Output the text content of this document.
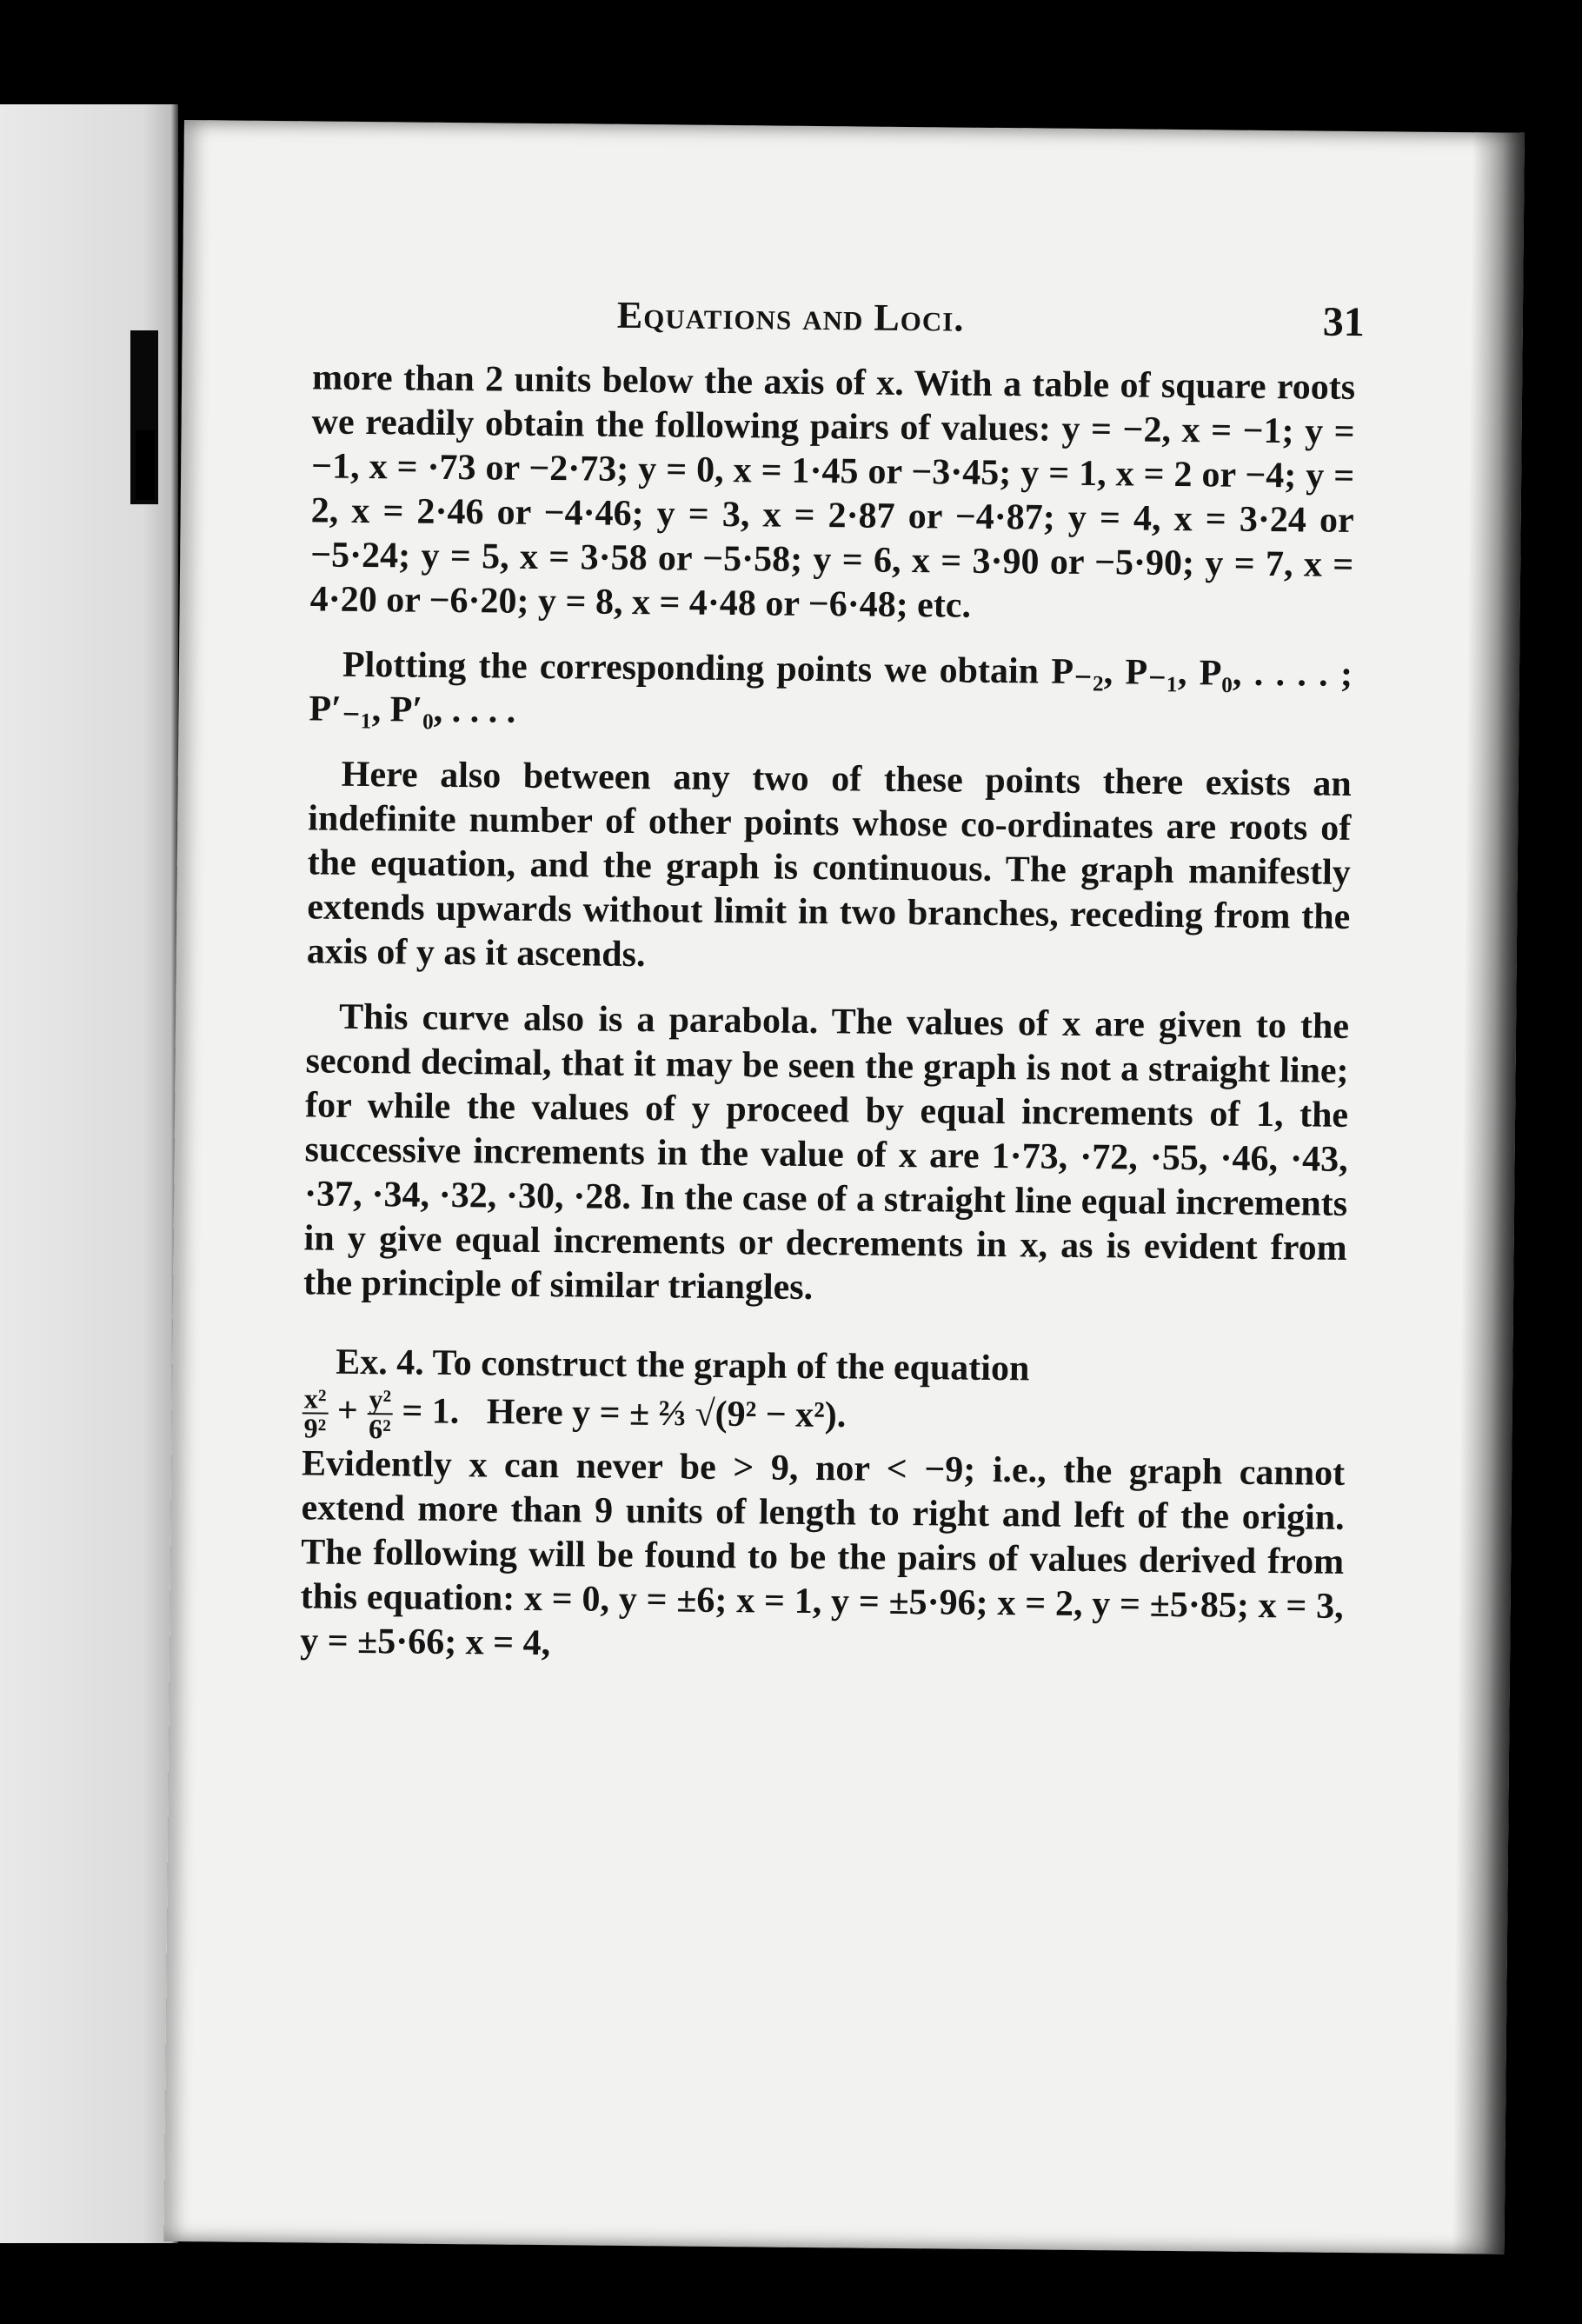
Equations and Loci.	31

more than 2 units below the axis of x. With a table of square roots we readily obtain the following pairs of values: y = −2, x = −1; y = −1, x = ·73 or −2·73; y = 0, x = 1·45 or −3·45; y = 1, x = 2 or −4; y = 2, x = 2·46 or −4·46; y = 3, x = 2·87 or −4·87; y = 4, x = 3·24 or −5·24; y = 5, x = 3·58 or −5·58; y = 6, x = 3·90 or −5·90; y = 7, x = 4·20 or −6·20; y = 8, x = 4·48 or −6·48; etc.

Plotting the corresponding points we obtain P₋₂, P₋₁, P₀, . . . . ; P′₋₁, P′₀, . . . .

Here also between any two of these points there exists an indefinite number of other points whose co-ordinates are roots of the equation, and the graph is continuous. The graph manifestly extends upwards without limit in two branches, receding from the axis of y as it ascends.

This curve also is a parabola. The values of x are given to the second decimal, that it may be seen the graph is not a straight line; for while the values of y proceed by equal increments of 1, the successive increments in the value of x are 1·73, ·72, ·55, ·46, ·43, ·37, ·34, ·32, ·30, ·28. In the case of a straight line equal increments in y give equal increments or decrements in x, as is evident from the principle of similar triangles.

Ex. 4. To construct the graph of the equation

$\frac{\text{x²}}{\text{9²}} + \frac{\text{y²}}{\text{6²}} = 1$. Here y = ± ⅔ √(9² − x²).

Evidently x can never be > 9, nor < −9; i.e., the graph cannot extend more than 9 units of length to right and left of the origin. The following will be found to be the pairs of values derived from this equation: x = 0, y = ±6; x = 1, y = ±5·96; x = 2, y = ±5·85; x = 3, y = ±5·66; x = 4,
